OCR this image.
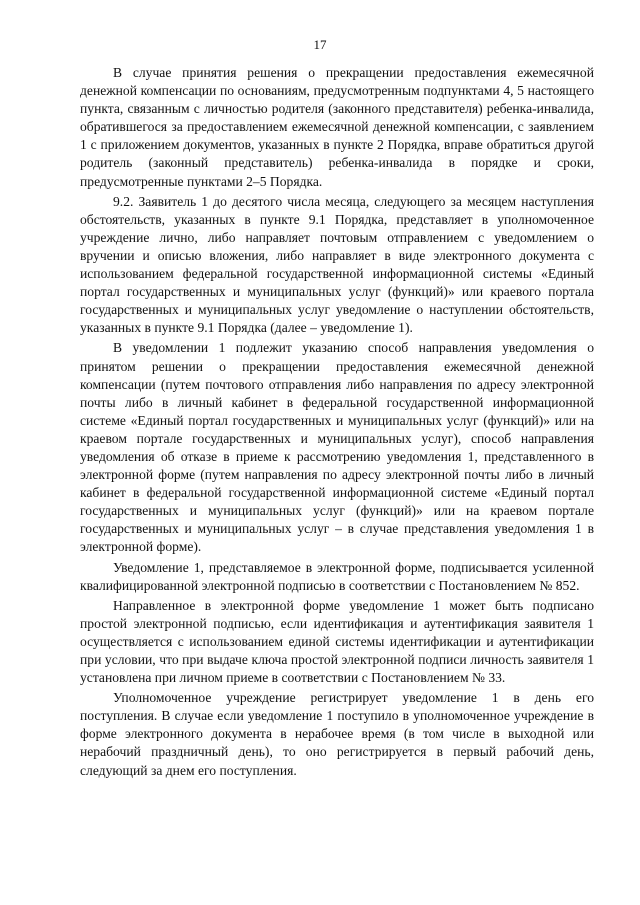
17

В случае принятия решения о прекращении предоставления ежемесячной денежной компенсации по основаниям, предусмотренным подпунктами 4, 5 настоящего пункта, связанным с личностью родителя (законного представителя) ребенка-инвалида, обратившегося за предоставлением ежемесячной денежной компенсации, с заявлением 1 с приложением документов, указанных в пункте 2 Порядка, вправе обратиться другой родитель (законный представитель) ребенка-инвалида в порядке и сроки, предусмотренные пунктами 2–5 Порядка.

9.2. Заявитель 1 до десятого числа месяца, следующего за месяцем наступления обстоятельств, указанных в пункте 9.1 Порядка, представляет в уполномоченное учреждение лично, либо направляет почтовым отправлением с уведомлением о вручении и описью вложения, либо направляет в виде электронного документа с использованием федеральной государственной информационной системы «Единый портал государственных и муниципальных услуг (функций)» или краевого портала государственных и муниципальных услуг уведомление о наступлении обстоятельств, указанных в пункте 9.1 Порядка (далее – уведомление 1).

В уведомлении 1 подлежит указанию способ направления уведомления о принятом решении о прекращении предоставления ежемесячной денежной компенсации (путем почтового отправления либо направления по адресу электронной почты либо в личный кабинет в федеральной государственной информационной системе «Единый портал государственных и муниципальных услуг (функций)» или на краевом портале государственных и муниципальных услуг), способ направления уведомления об отказе в приеме к рассмотрению уведомления 1, представленного в электронной форме (путем направления по адресу электронной почты либо в личный кабинет в федеральной государственной информационной системе «Единый портал государственных и муниципальных услуг (функций)» или на краевом портале государственных и муниципальных услуг – в случае представления уведомления 1 в электронной форме).

Уведомление 1, представляемое в электронной форме, подписывается усиленной квалифицированной электронной подписью в соответствии с Постановлением № 852.

Направленное в электронной форме уведомление 1 может быть подписано простой электронной подписью, если идентификация и аутентификация заявителя 1 осуществляется с использованием единой системы идентификации и аутентификации при условии, что при выдаче ключа простой электронной подписи личность заявителя 1 установлена при личном приеме в соответствии с Постановлением № 33.

Уполномоченное учреждение регистрирует уведомление 1 в день его поступления. В случае если уведомление 1 поступило в уполномоченное учреждение в форме электронного документа в нерабочее время (в том числе в выходной или нерабочий праздничный день), то оно регистрируется в первый рабочий день, следующий за днем его поступления.
